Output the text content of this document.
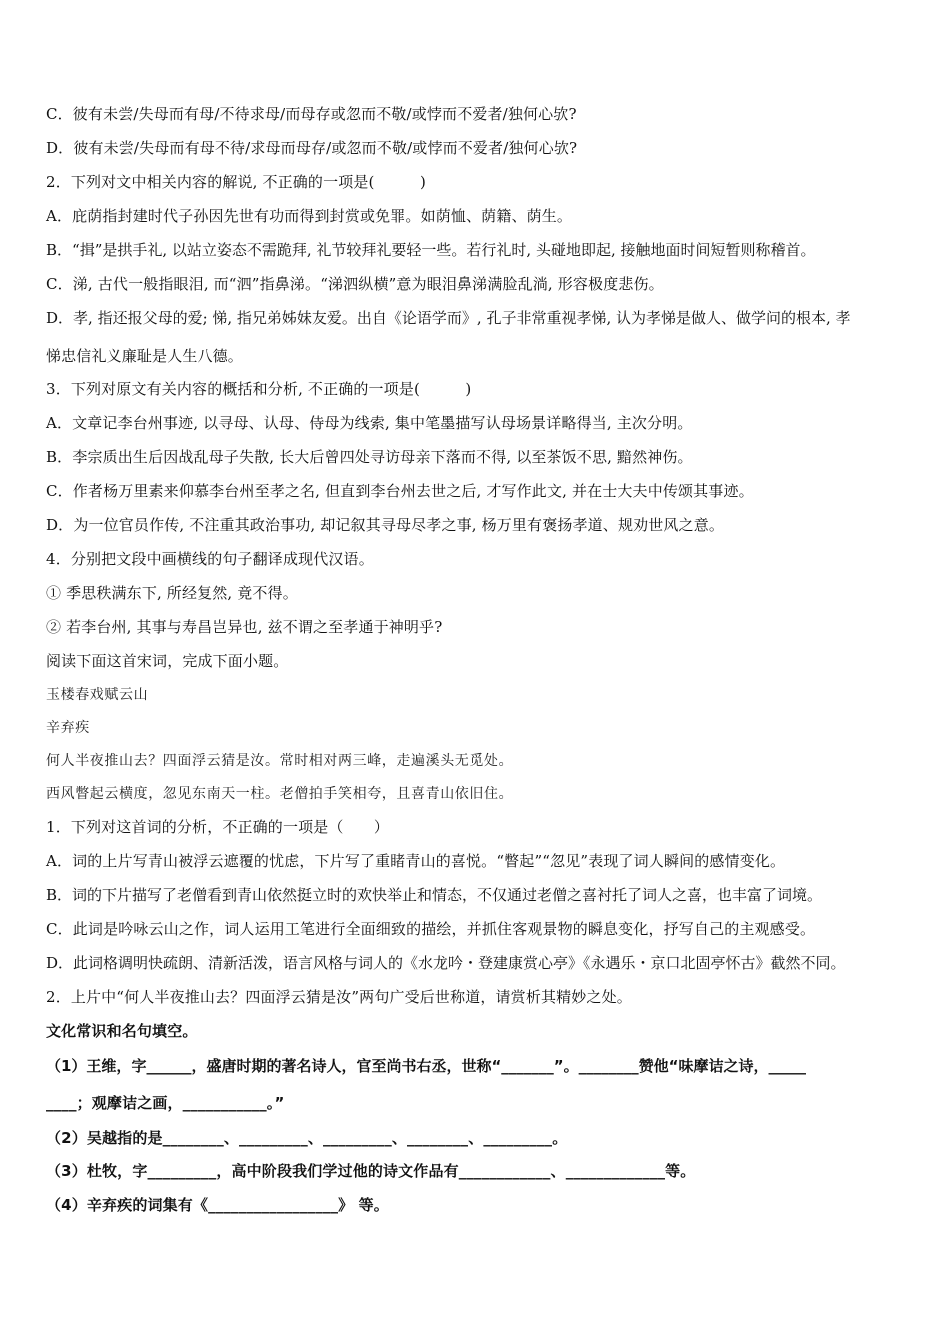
C．彼有未尝/失母而有母/不待求母/而母存或忽而不敬/或悖而不爱者/独何心欤?
D．彼有未尝/失母而有母不待/求母而母存/或忽而不敬/或悖而不爱者/独何心欤?
2．下列对文中相关内容的解说, 不正确的一项是(　　　)
A．庇荫指封建时代子孙因先世有功而得到封赏或免罪。如荫恤、荫籍、荫生。
B．“揖”是拱手礼, 以站立姿态不需跪拜, 礼节较拜礼要轻一些。若行礼时, 头碰地即起, 接触地面时间短暂则称稽首。
C．涕, 古代一般指眼泪, 而“泗”指鼻涕。“涕泗纵横”意为眼泪鼻涕满脸乱淌, 形容极度悲伤。
D．孝, 指还报父母的爱; 悌, 指兄弟姊妹友爱。出自《论语学而》, 孔子非常重视孝悌, 认为孝悌是做人、做学问的根本, 孝
悌忠信礼义廉耻是人生八德。
3．下列对原文有关内容的概括和分析, 不正确的一项是(　　　)
A．文章记李台州事迹, 以寻母、认母、侍母为线索, 集中笔墨描写认母场景详略得当, 主次分明。
B．李宗质出生后因战乱母子失散, 长大后曾四处寻访母亲下落而不得, 以至茶饭不思, 黯然神伤。
C．作者杨万里素来仰慕李台州至孝之名, 但直到李台州去世之后, 才写作此文, 并在士大夫中传颂其事迹。
D．为一位官员作传, 不注重其政治事功, 却记叙其寻母尽孝之事, 杨万里有褒扬孝道、规劝世风之意。
4．分别把文段中画横线的句子翻译成现代汉语。
① 季思秩满东下, 所经复然, 竟不得。
② 若李台州, 其事与寿昌岂异也, 兹不谓之至孝通于神明乎?
阅读下面这首宋词，完成下面小题。
玉楼春戏赋云山
辛弃疾
何人半夜推山去？四面浮云猜是汝。常时相对两三峰，走遍溪头无觅处。
西风瞥起云横度，忽见东南天一柱。老僧拍手笑相夸，且喜青山依旧住。
1．下列对这首词的分析，不正确的一项是（　　）
A．词的上片写青山被浮云遮覆的忧虑，下片写了重睹青山的喜悦。“瞥起”“忽见”表现了词人瞬间的感情变化。
B．词的下片描写了老僧看到青山依然挺立时的欢快举止和情态，不仅通过老僧之喜衬托了词人之喜，也丰富了词境。
C．此词是吟咏云山之作，词人运用工笔进行全面细致的描绘，并抓住客观景物的瞬息变化，抒写自己的主观感受。
D．此词格调明快疏朗、清新活泼，语言风格与词人的《水龙吟・登建康赏心亭》《永遇乐・京口北固亭怀古》截然不同。
2．上片中“何人半夜推山去？四面浮云猜是汝”两句广受后世称道，请赏析其精妙之处。
文化常识和名句填空。
（1）王维，字______，盛唐时期的著名诗人，官至尚书右丞，世称“_______”。________赞他“味摩诘之诗，_____
____；观摩诘之画，___________。”
（2）吴越指的是________、_________、_________、________、_________。
（3）杜牧，字_________，高中阶段我们学过他的诗文作品有____________、_____________等。
（4）辛弃疾的词集有《_________________》 等。
